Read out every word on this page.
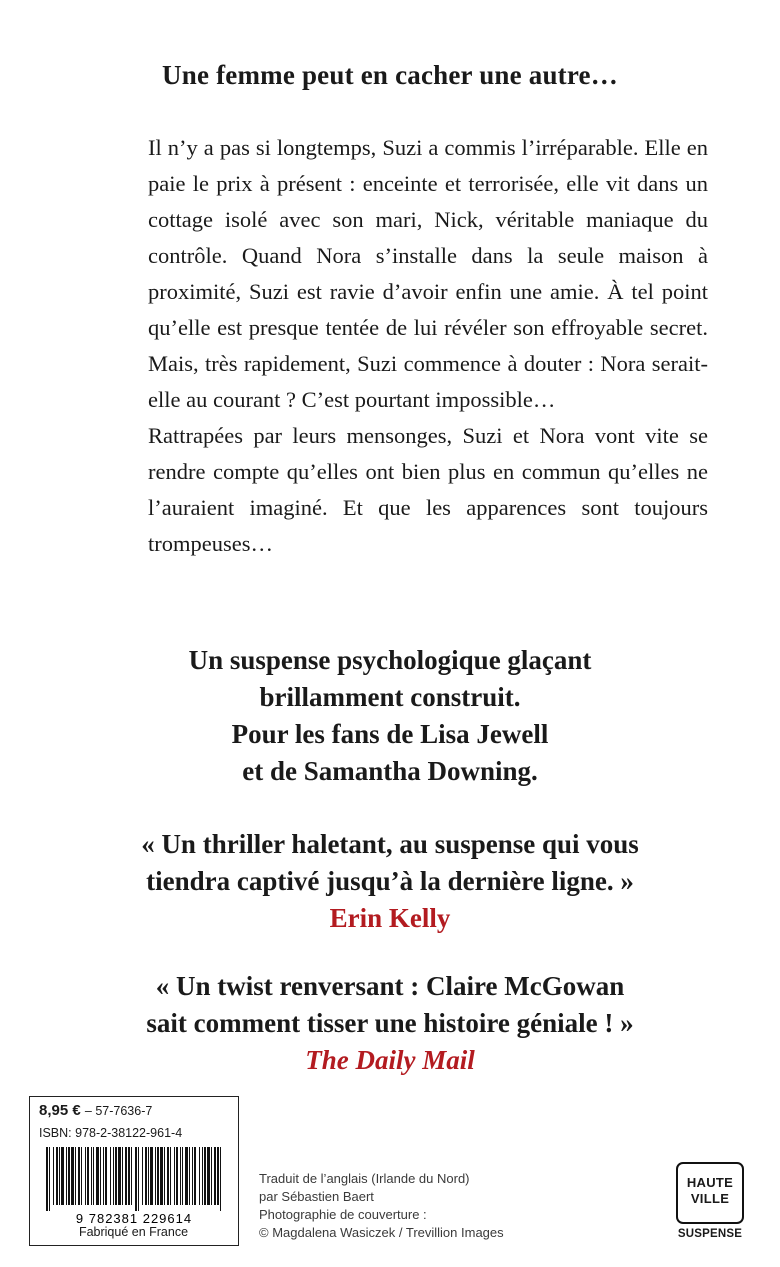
Une femme peut en cacher une autre…

Il n’y a pas si longtemps, Suzi a commis l’irréparable. Elle en paie le prix à présent : enceinte et terrorisée, elle vit dans un cottage isolé avec son mari, Nick, véritable maniaque du contrôle. Quand Nora s’installe dans la seule maison à proximité, Suzi est ravie d’avoir enfin une amie. À tel point qu’elle est presque tentée de lui révéler son effroyable secret. Mais, très rapidement, Suzi commence à douter : Nora serait-elle au courant ? C’est pourtant impossible…

Rattrapées par leurs mensonges, Suzi et Nora vont vite se rendre compte qu’elles ont bien plus en commun qu’elles ne l’auraient imaginé. Et que les apparences sont toujours trompeuses…

Un suspense psychologique glaçant
brillamment construit.
Pour les fans de Lisa Jewell
et de Samantha Downing.
« Un thriller haletant, au suspense qui vous
tiendra captivé jusqu’à la dernière ligne. »
Erin Kelly
« Un twist renversant : Claire McGowan
sait comment tisser une histoire géniale ! »
The Daily Mail
8,95 € – 57-7636-7
ISBN: 978-2-38122-961-4
9 782381 229614
Fabriqué en France
Traduit de l’anglais (Irlande du Nord)
par Sébastien Baert
Photographie de couverture :
© Magdalena Wasiczek / Trevillion Images
HAUTE
VILLE
SUSPENSE
